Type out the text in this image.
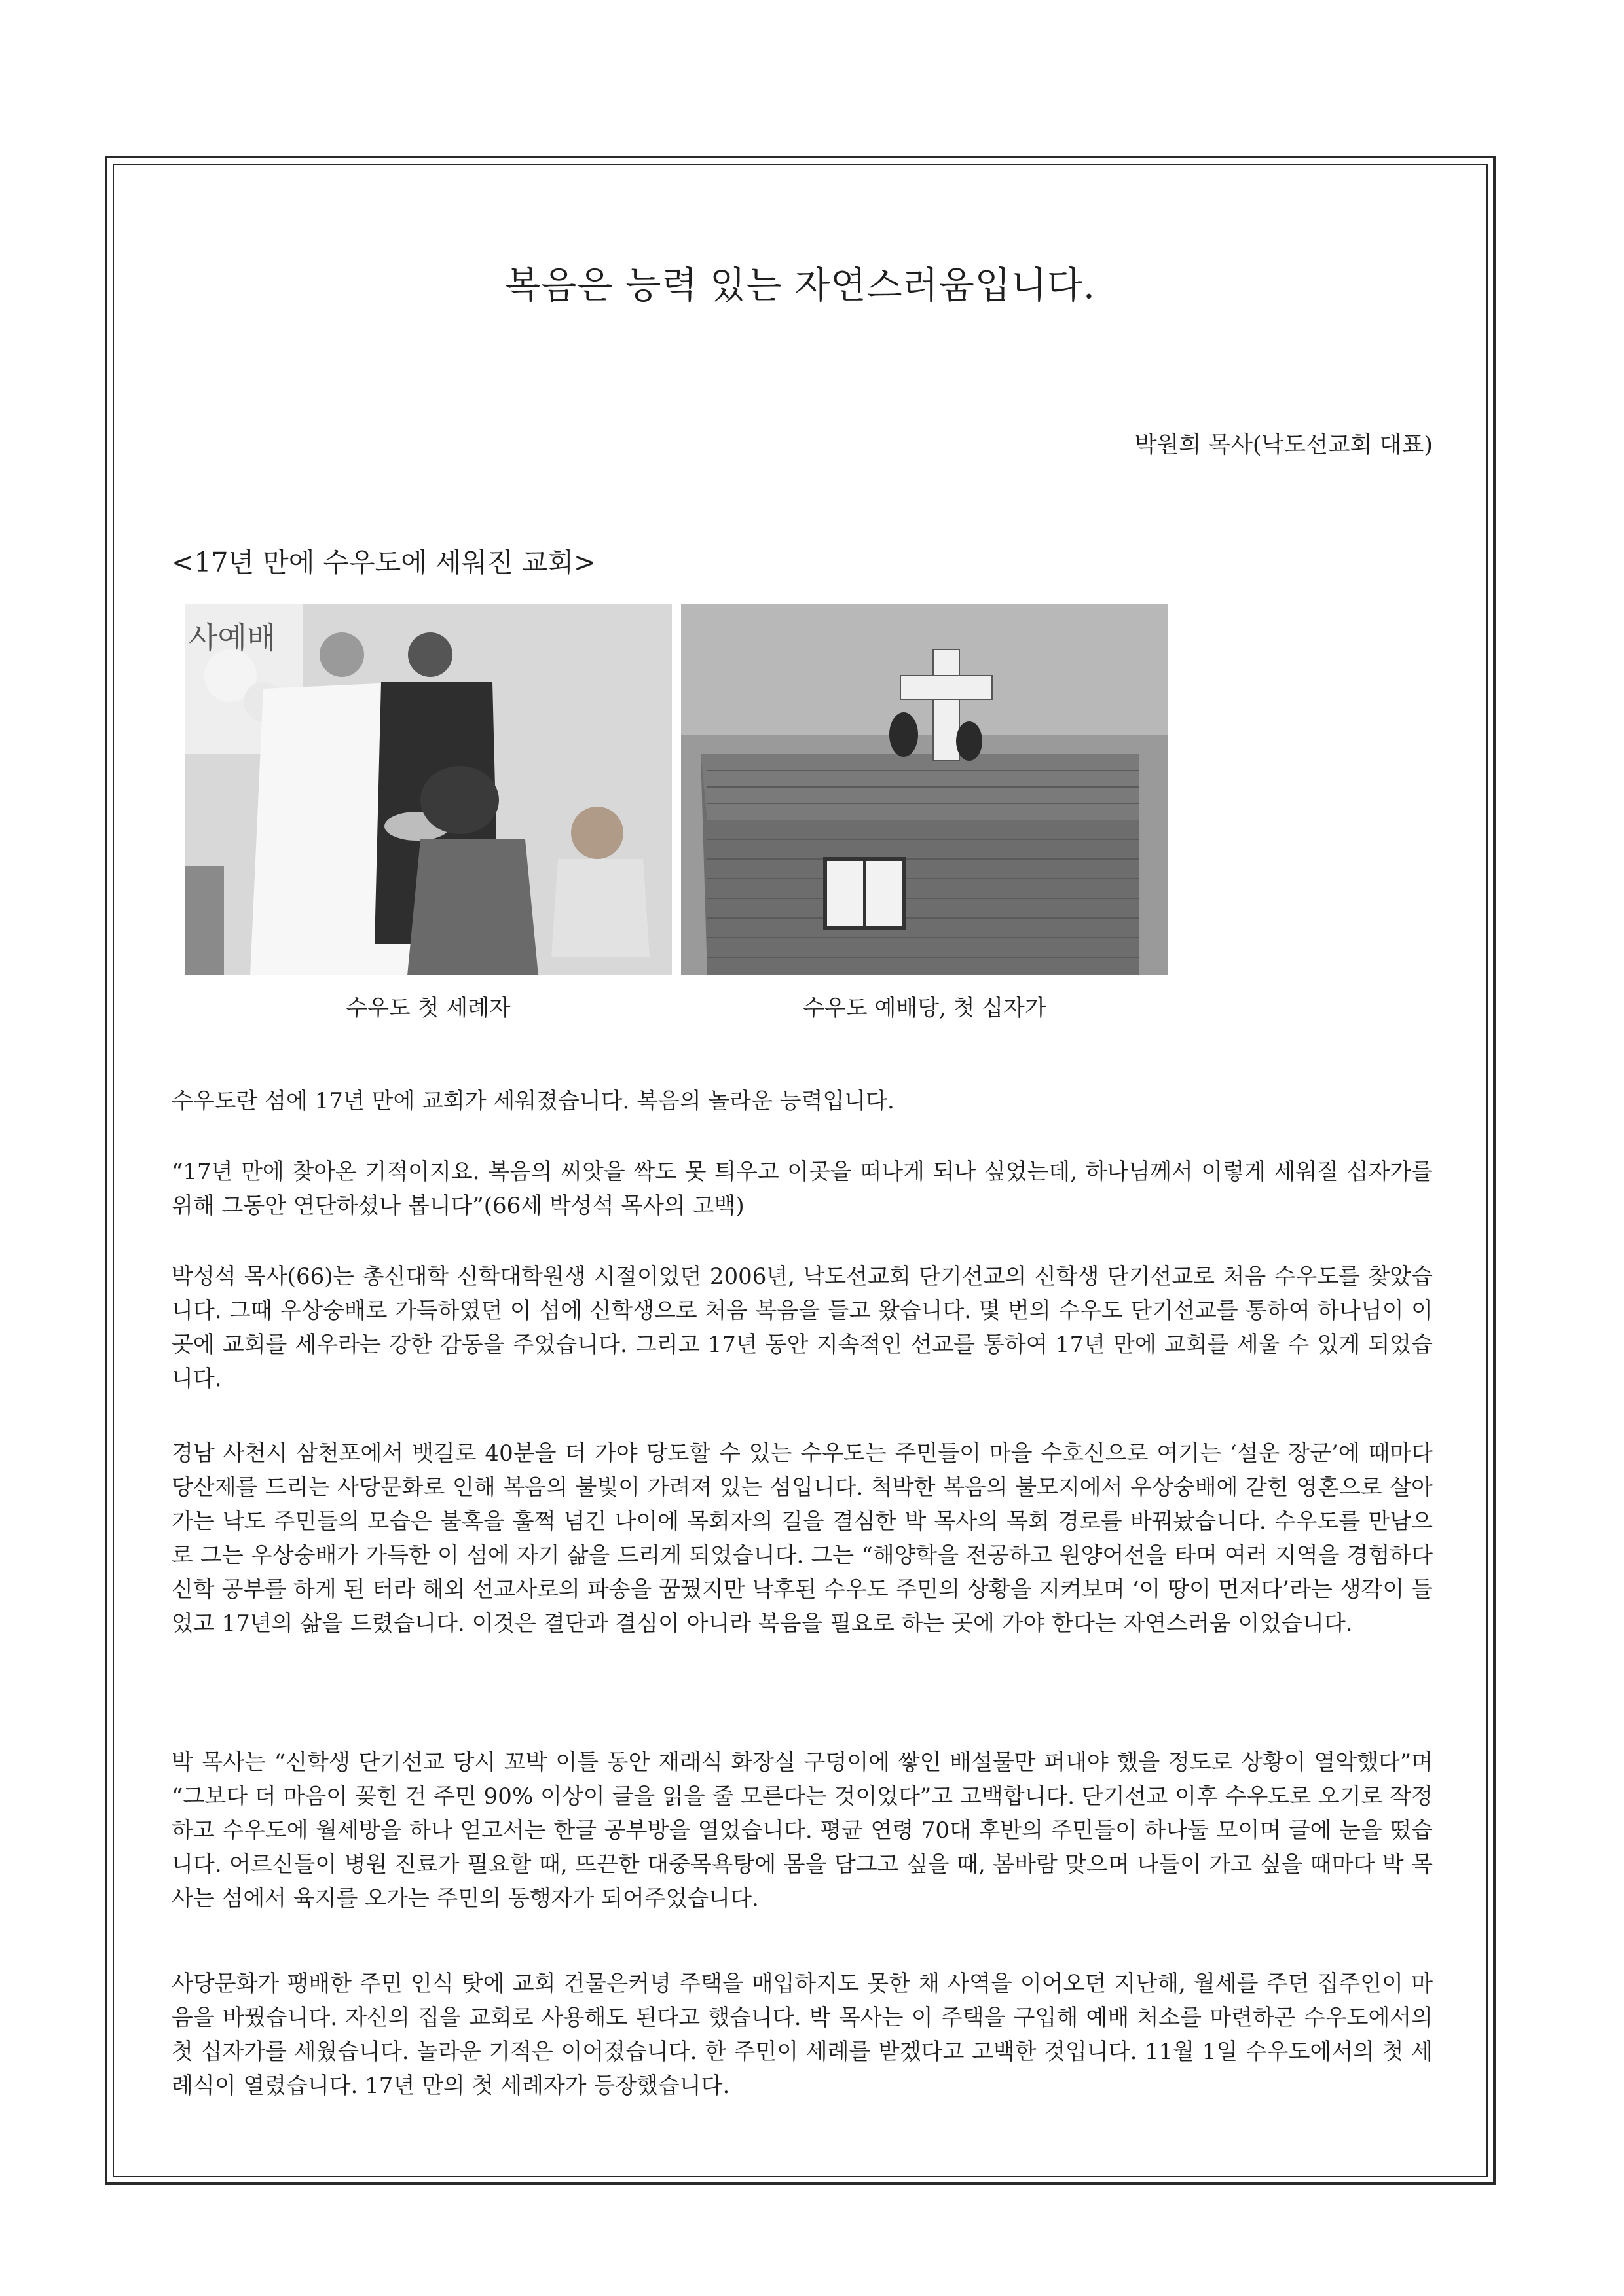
복음은 능력 있는 자연스러움입니다.
박원희 목사(낙도선교회 대표)
<17년 만에 수우도에 세워진 교회>
사예배
수우도 첫 세례자	수우도 예배당, 첫 십자가

수우도란 섬에 17년 만에 교회가 세워졌습니다. 복음의 놀라운 능력입니다.

“17년 만에 찾아온 기적이지요. 복음의 씨앗을 싹도 못 틔우고 이곳을 떠나게 되나 싶었는데, 하나님께서 이렇게 세워질 십자가를 위해 그동안 연단하셨나 봅니다”(66세 박성석 목사의 고백)

박성석 목사(66)는 총신대학 신학대학원생 시절이었던 2006년, 낙도선교회 단기선교의 신학생 단기선교로 처음 수우도를 찾았습니다. 그때 우상숭배로 가득하였던 이 섬에 신학생으로 처음 복음을 들고 왔습니다. 몇 번의 수우도 단기선교를 통하여 하나님이 이곳에 교회를 세우라는 강한 감동을 주었습니다. 그리고 17년 동안 지속적인 선교를 통하여 17년 만에 교회를 세울 수 있게 되었습니다.

경남 사천시 삼천포에서 뱃길로 40분을 더 가야 당도할 수 있는 수우도는 주민들이 마을 수호신으로 여기는 ‘설운 장군’에 때마다 당산제를 드리는 사당문화로 인해 복음의 불빛이 가려져 있는 섬입니다. 척박한 복음의 불모지에서 우상숭배에 갇힌 영혼으로 살아가는 낙도 주민들의 모습은 불혹을 훌쩍 넘긴 나이에 목회자의 길을 결심한 박 목사의 목회 경로를 바꿔놨습니다. 수우도를 만남으로 그는 우상숭배가 가득한 이 섬에 자기 삶을 드리게 되었습니다. 그는 “해양학을 전공하고 원양어선을 타며 여러 지역을 경험하다 신학 공부를 하게 된 터라 해외 선교사로의 파송을 꿈꿨지만 낙후된 수우도 주민의 상황을 지켜보며 ‘이 땅이 먼저다’라는 생각이 들었고 17년의 삶을 드렸습니다. 이것은 결단과 결심이 아니라 복음을 필요로 하는 곳에 가야 한다는 자연스러움 이었습니다.

박 목사는 “신학생 단기선교 당시 꼬박 이틀 동안 재래식 화장실 구덩이에 쌓인 배설물만 퍼내야 했을 정도로 상황이 열악했다”며 “그보다 더 마음이 꽂힌 건 주민 90% 이상이 글을 읽을 줄 모른다는 것이었다”고 고백합니다. 단기선교 이후 수우도로 오기로 작정하고 수우도에 월세방을 하나 얻고서는 한글 공부방을 열었습니다. 평균 연령 70대 후반의 주민들이 하나둘 모이며 글에 눈을 떴습니다. 어르신들이 병원 진료가 필요할 때, 뜨끈한 대중목욕탕에 몸을 담그고 싶을 때, 봄바람 맞으며 나들이 가고 싶을 때마다 박 목사는 섬에서 육지를 오가는 주민의 동행자가 되어주었습니다.

사당문화가 팽배한 주민 인식 탓에 교회 건물은커녕 주택을 매입하지도 못한 채 사역을 이어오던 지난해, 월세를 주던 집주인이 마음을 바꿨습니다. 자신의 집을 교회로 사용해도 된다고 했습니다. 박 목사는 이 주택을 구입해 예배 처소를 마련하곤 수우도에서의 첫 십자가를 세웠습니다. 놀라운 기적은 이어졌습니다. 한 주민이 세례를 받겠다고 고백한 것입니다. 11월 1일 수우도에서의 첫 세례식이 열렸습니다. 17년 만의 첫 세례자가 등장했습니다.
